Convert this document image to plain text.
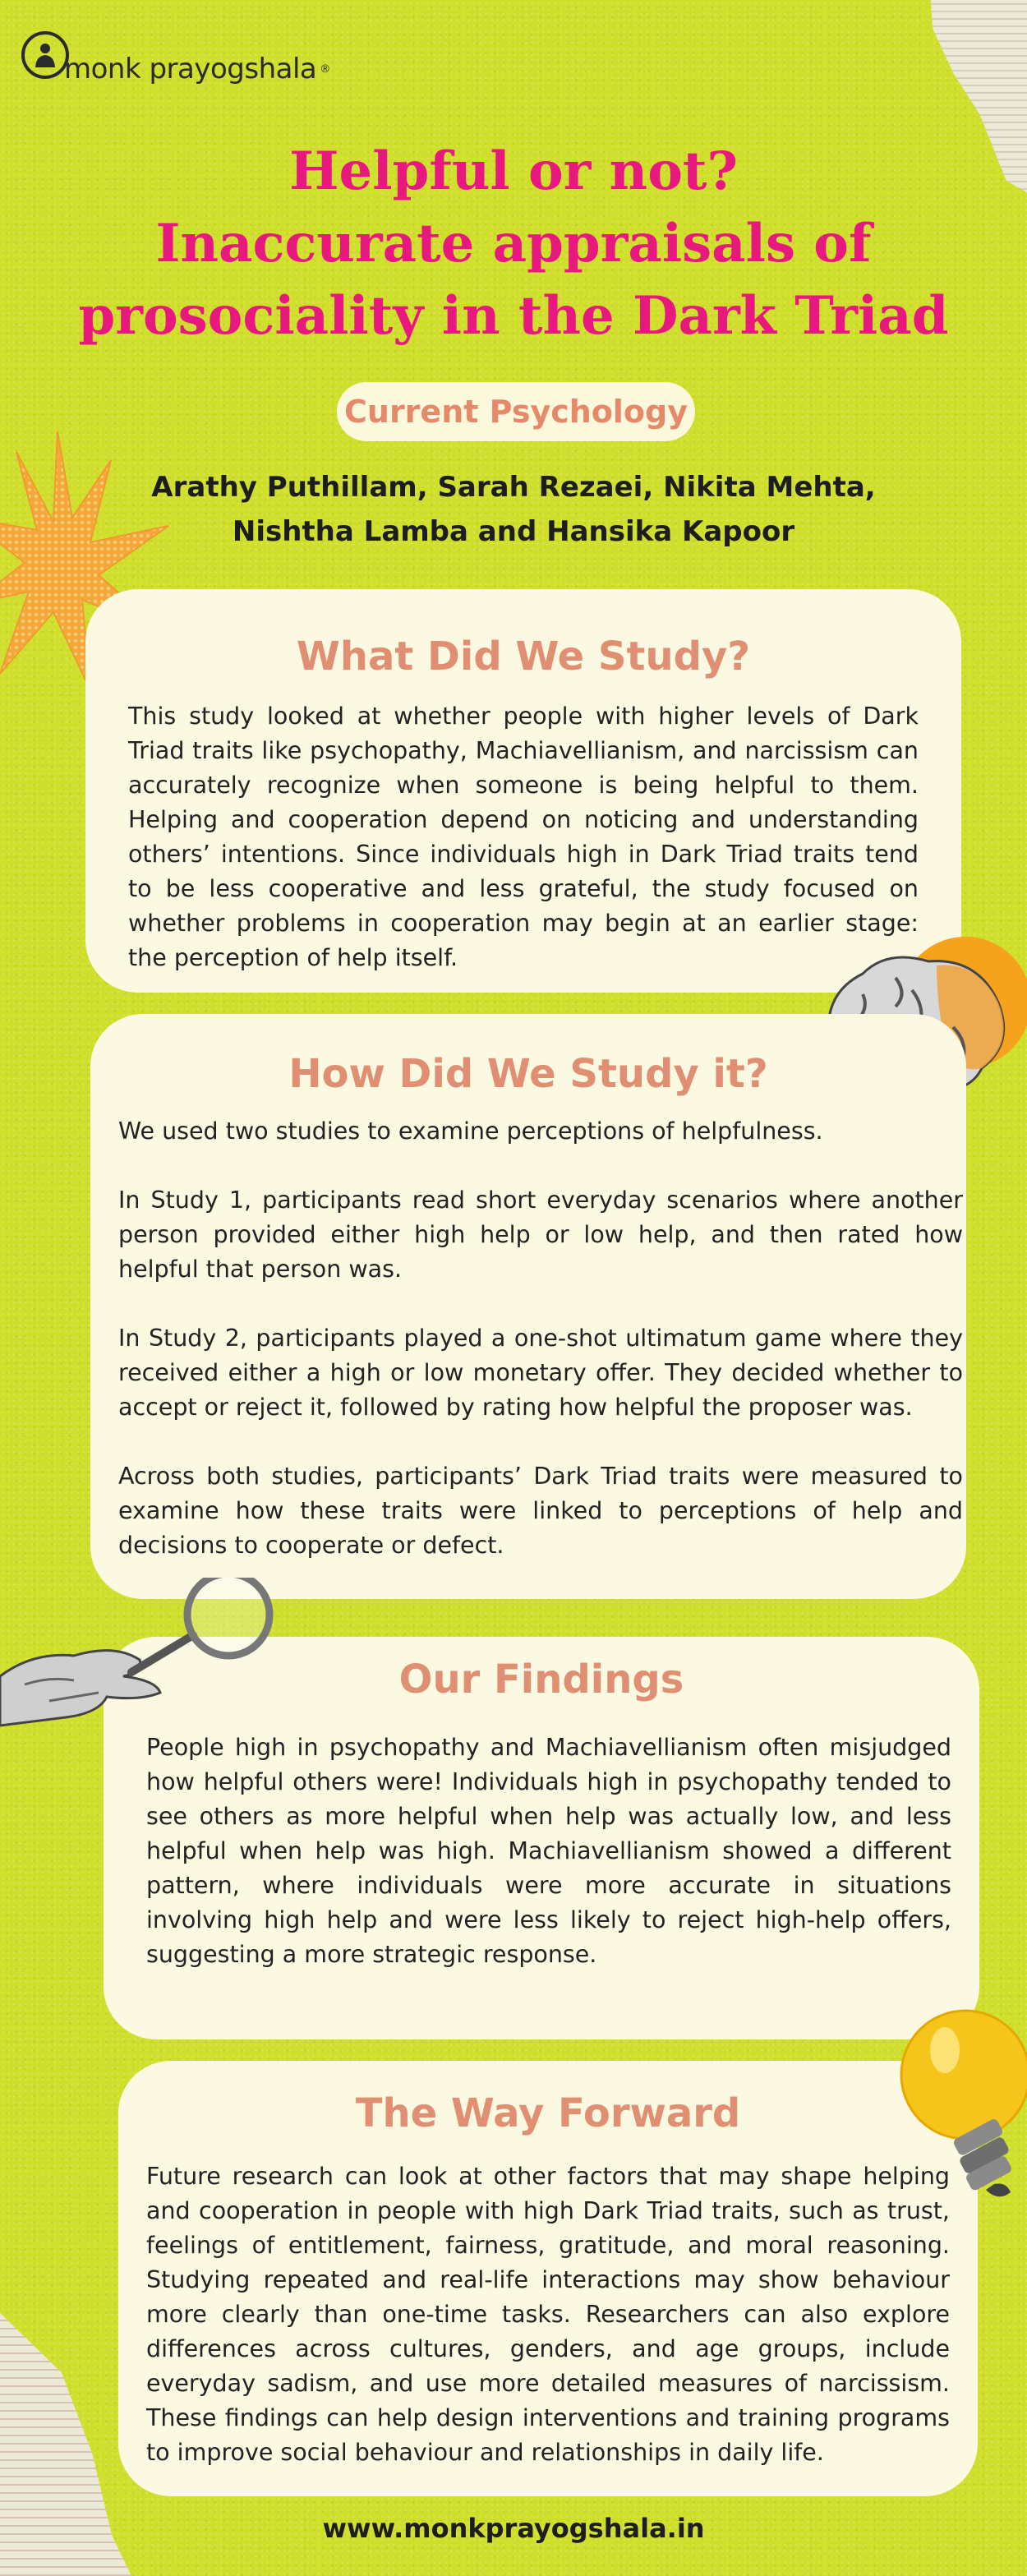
monk prayogshala ®
Helpful or not?
Inaccurate appraisals of
prosociality in the Dark Triad
Current Psychology
Arathy Puthillam, Sarah Rezaei, Nikita Mehta,
Nishtha Lamba and Hansika Kapoor
What Did We Study?

This study looked at whether people with higher levels of Dark Triad traits like psychopathy, Machiavellianism, and narcissism can accurately recognize when someone is being helpful to them. Helping and cooperation depend on noticing and understanding others’ intentions. Since individuals high in Dark Triad traits tend to be less cooperative and less grateful, the study focused on whether problems in cooperation may begin at an earlier stage: the perception of help itself.

How Did We Study it?

We used two studies to examine perceptions of helpfulness.

In Study 1, participants read short everyday scenarios where another person provided either high help or low help, and then rated how helpful that person was.

In Study 2, participants played a one-shot ultimatum game where they received either a high or low monetary offer. They decided whether to accept or reject it, followed by rating how helpful the proposer was.

Across both studies, participants’ Dark Triad traits were measured to examine how these traits were linked to perceptions of help and decisions to cooperate or defect.

Our Findings

People high in psychopathy and Machiavellianism often misjudged how helpful others were! Individuals high in psychopathy tended to see others as more helpful when help was actually low, and less helpful when help was high. Machiavellianism showed a different pattern, where individuals were more accurate in situations involving high help and were less likely to reject high-help offers, suggesting a more strategic response.

The Way Forward

Future research can look at other factors that may shape helping and cooperation in people with high Dark Triad traits, such as trust, feelings of entitlement, fairness, gratitude, and moral reasoning. Studying repeated and real-life interactions may show behaviour more clearly than one-time tasks. Researchers can also explore differences across cultures, genders, and age groups, include everyday sadism, and use more detailed measures of narcissism. These findings can help design interventions and training programs to improve social behaviour and relationships in daily life.

www.monkprayogshala.in
